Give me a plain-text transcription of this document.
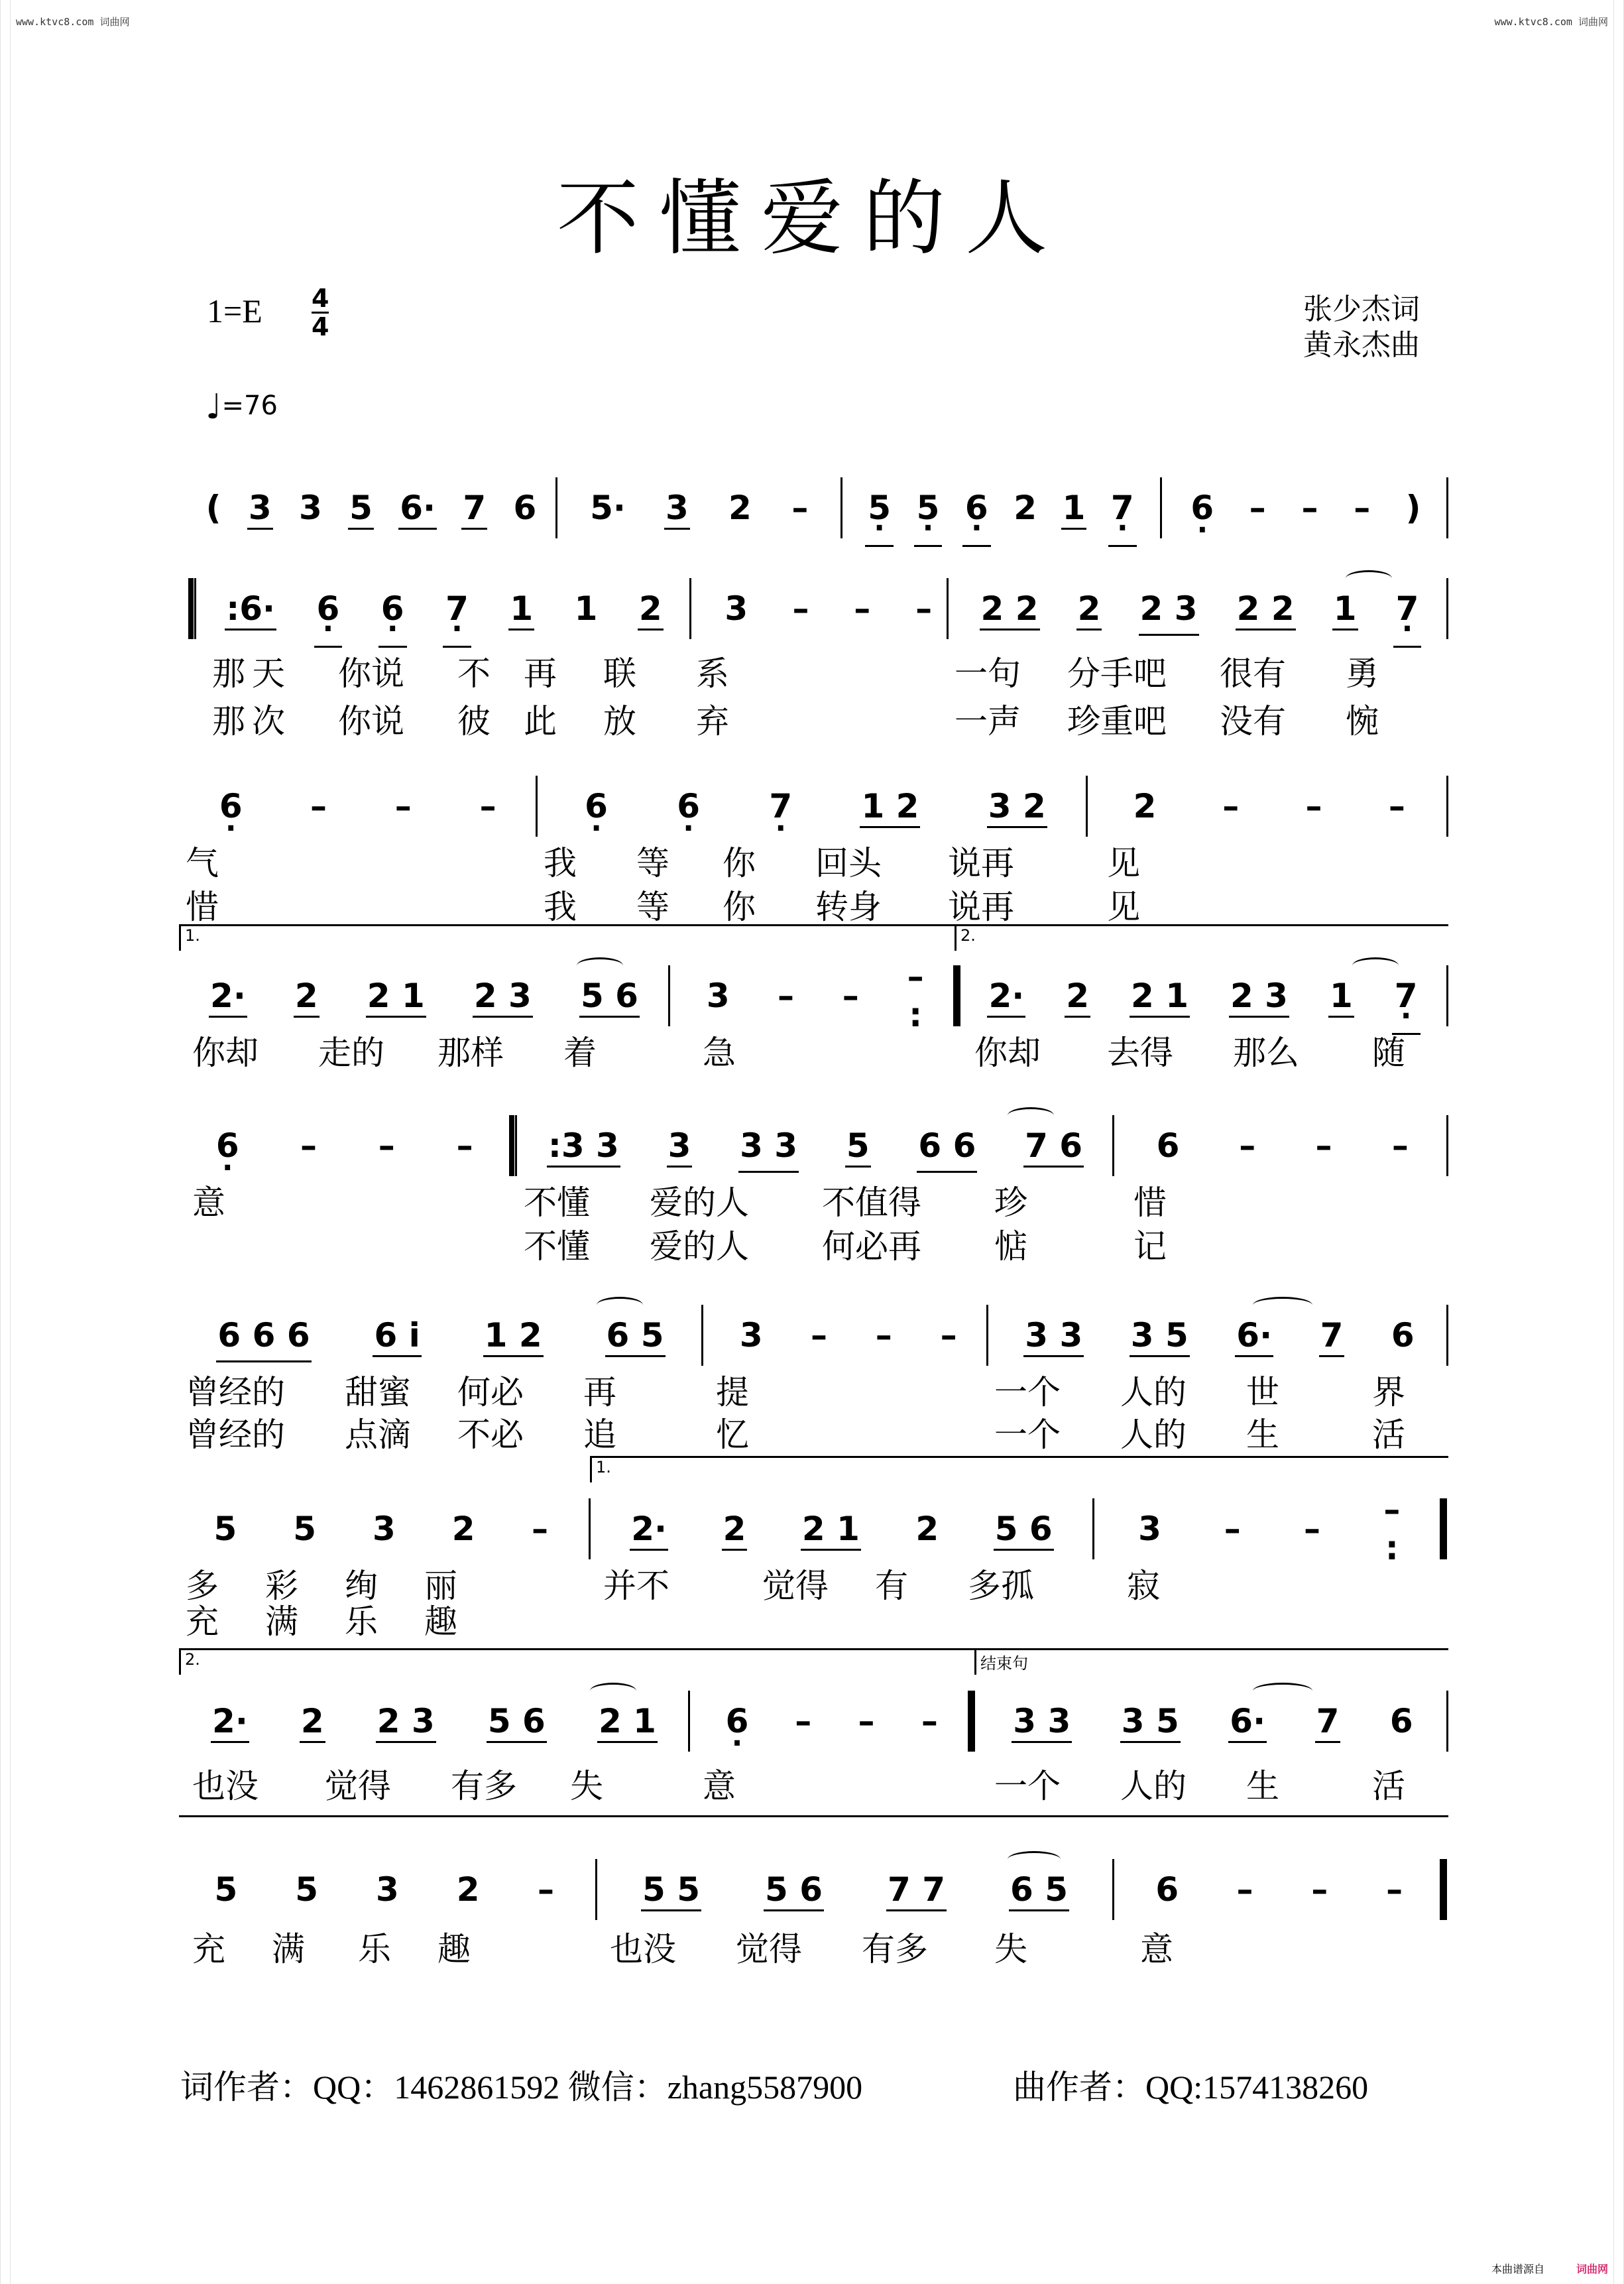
www.ktvc8.com 词曲网	www.ktvc8.com 词曲网
不懂爱的人
1=E 4
4
张少杰词
黄永杰曲
♩=76
( 3 3 5 6· 7 6 5· 3 2 – 5 · 5 · 6 · 2 1 7 · 6 · – – – )
:6· 6 · 6 · 7 · 1 1 2 3 – – – 2 2 2 2 3 2 2 1 7 ·
那 天 你说 不 再 联 系	一句 分手吧 很有 勇
那 次 你说 彼 此 放 弃	一声 珍重吧 没有 惋
6 · – – –	6 · 6 · 7 · 1 2 3 2	2 – – –
气	我 等 你 回头 说再	见
惜	我 等 你 转身 说再	见
1.	2.
2· 2 2 1 2 3 5 6 3 – – – : 2· 2 2 1 2 3 1 7 ·
你却 走的 那样 着	急	你却 去得 那么 随
6 · – – – :3 3 3 3 3 5 6 6 7 6 6 – – –
意	不懂 爱的人 不值得 珍	惜
不懂 爱的人 何必再 惦	记
6 6 6 6 i 1 2 6 5 3 – – – 3 3 3 5 6· 7 6
曾经的 甜蜜 何必 再	提	一个 人的 世	界
曾经的 点滴 不必 追	忆	一个 人的 生	活
1.
5 5 3 2 –	2· 2 2 1 2 5 6	3 – – – :
多 彩 绚 丽	并不	觉得 有 多孤	寂
充 满 乐 趣
2.	结束句
2· 2 2 3 5 6 2 1 6 · – – – 3 3 3 5 6· 7 6
也没 觉得 有多 失	意	一个 人的 生	活
5 5 3 2 –	5 5 5 6 7 7 6 5	6 – – –
充 满 乐 趣	也没 觉得 有多 失	意
词作者：QQ：1462861592 微信：zhang5587900	曲作者：QQ:1574138260
本曲谱源自	词曲网
